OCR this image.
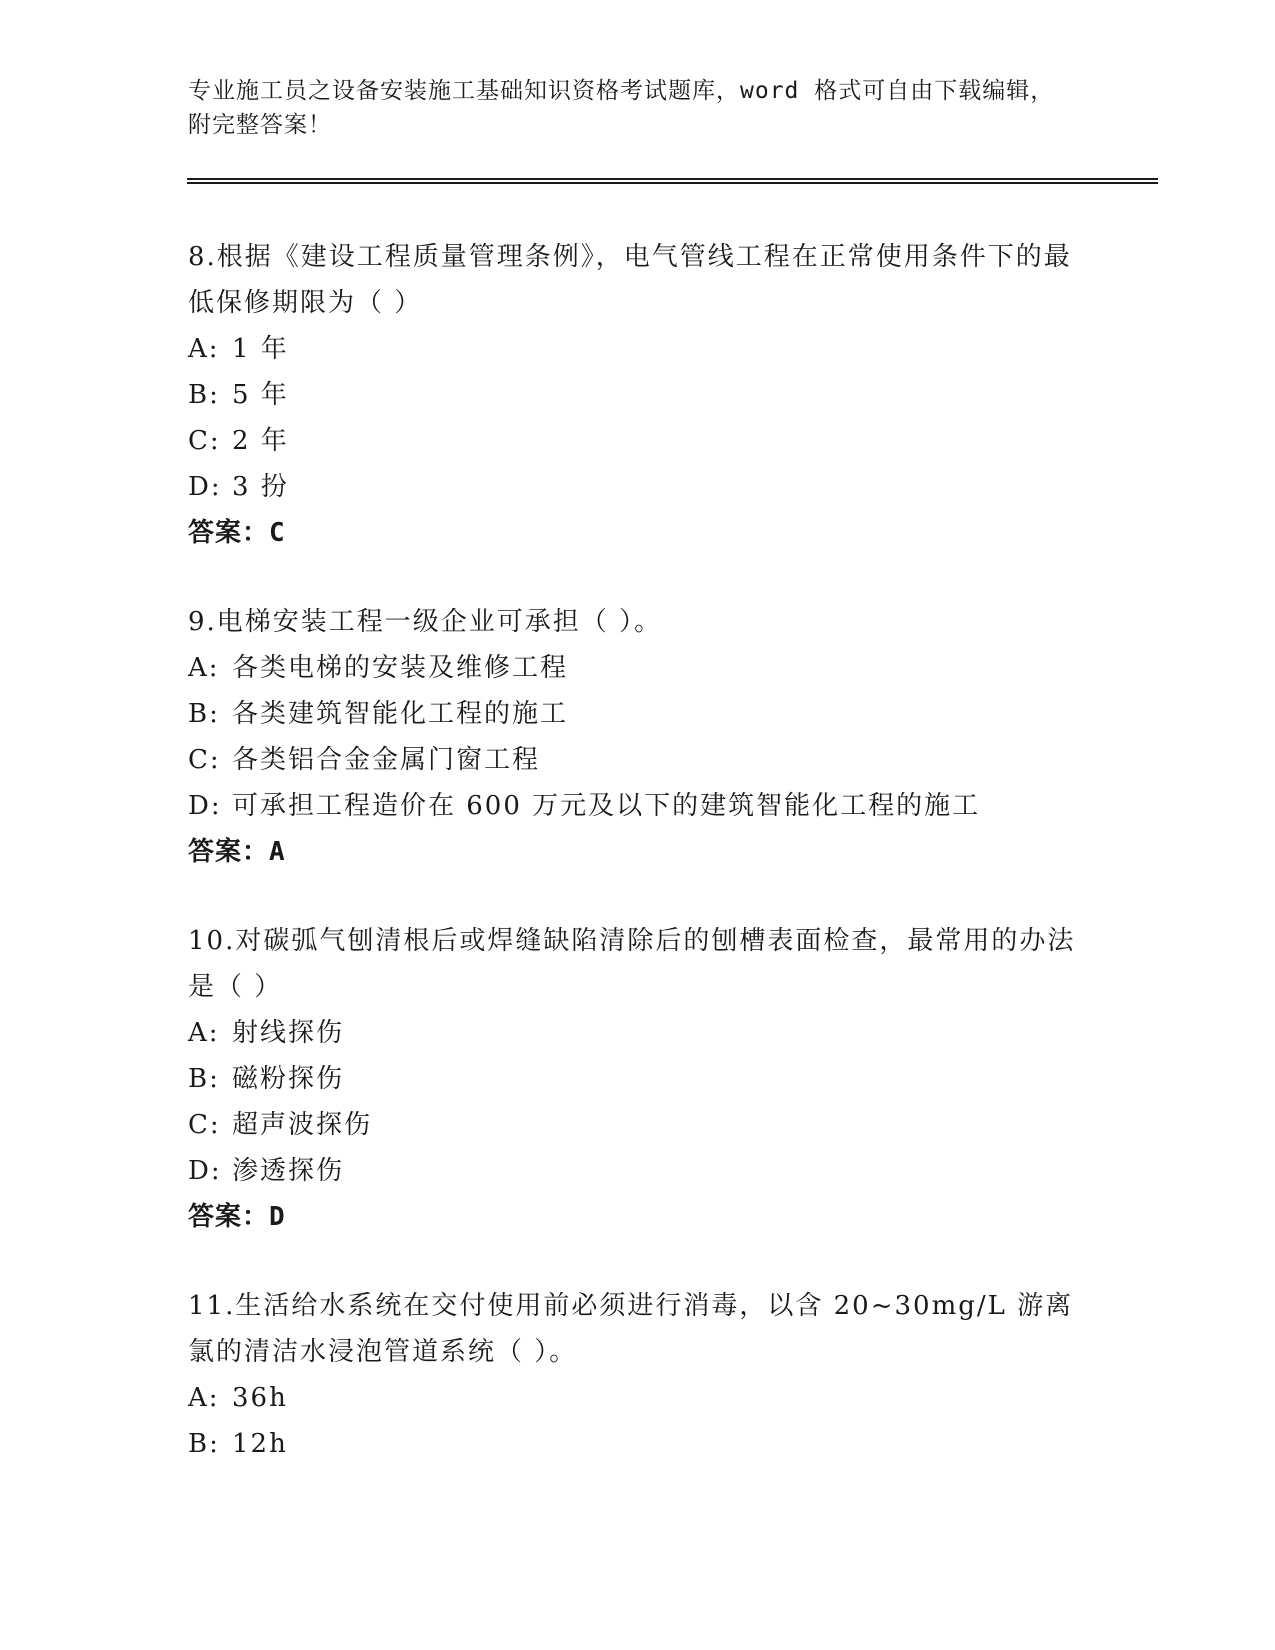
专业施工员之设备安装施工基础知识资格考试题库，word 格式可自由下载编辑，附完整答案！

8.根据《建设工程质量管理条例》，电气管线工程在正常使用条件下的最低保修期限为（ ）

A: 1 年

B: 5 年

C: 2 年

D: 3 扮

答案：C

9.电梯安装工程一级企业可承担（ ）。

A: 各类电梯的安装及维修工程

B: 各类建筑智能化工程的施工

C: 各类铝合金金属门窗工程

D: 可承担工程造价在 600 万元及以下的建筑智能化工程的施工

答案：A

10.对碳弧气刨清根后或焊缝缺陷清除后的刨槽表面检查，最常用的办法是（ ）

A: 射线探伤

B: 磁粉探伤

C: 超声波探伤

D: 渗透探伤

答案：D

11.生活给水系统在交付使用前必须进行消毒，以含 20~30mg/L 游离氯的清洁水浸泡管道系统（ ）。

A: 36h

B: 12h
